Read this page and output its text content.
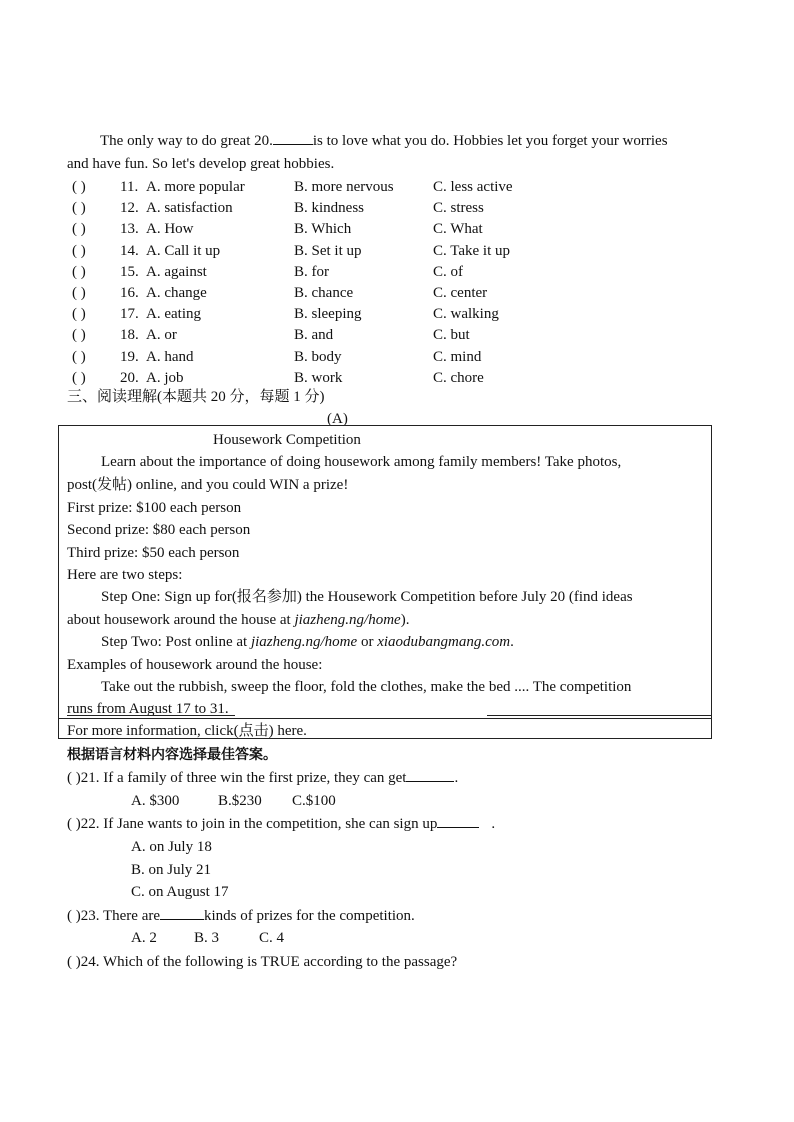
The only way to do great 20.	is to love what you do. Hobbies let you forget your worries
and have fun. So let's develop great hobbies.
( ) 11. A. more popular	B. more nervous	C. less active
( ) 12. A. satisfaction	B. kindness	C. stress
( ) 13. A. How	B. Which	C. What
( ) 14. A. Call it up	B. Set it up	C. Take it up
( ) 15. A. against	B. for	C. of
( ) 16. A. change	B. chance	C. center
( ) 17. A. eating	B. sleeping	C. walking
( ) 18. A. or	B. and	C. but
( ) 19. A. hand	B. body	C. mind
( ) 20. A. job	B. work	C. chore
三、阅读理解(本题共 20 分，每题 1 分)
(A)
Housework Competition
Learn about the importance of doing housework among family members! Take photos,
post(发帖) online, and you could WIN a prize!
First prize: $100 each person
Second prize: $80 each person
Third prize: $50 each person
Here are two steps:
Step One: Sign up for(报名参加) the Housework Competition before July 20 (find ideas
about housework around the house at jiazheng.ng/home).
Step Two: Post online at jiazheng.ng/home or xiaodubangmang.com.
Examples of housework around the house:
Take out the rubbish, sweep the floor, fold the clothes, make the bed .... The competition
runs from August 17 to 31.
For more information, click(点击) here.
根据语言材料内容选择最佳答案。
( )21. If a family of three win the first prize, they can get	.
A. $300	B.$230 C.$100
( )22. If Jane wants to join in the competition, she can sign up	.
A. on July 18
B. on July 21
C. on August 17
( )23. There are	kinds of prizes for the competition.
A. 2 B. 3	C. 4
( )24. Which of the following is TRUE according to the passage?
